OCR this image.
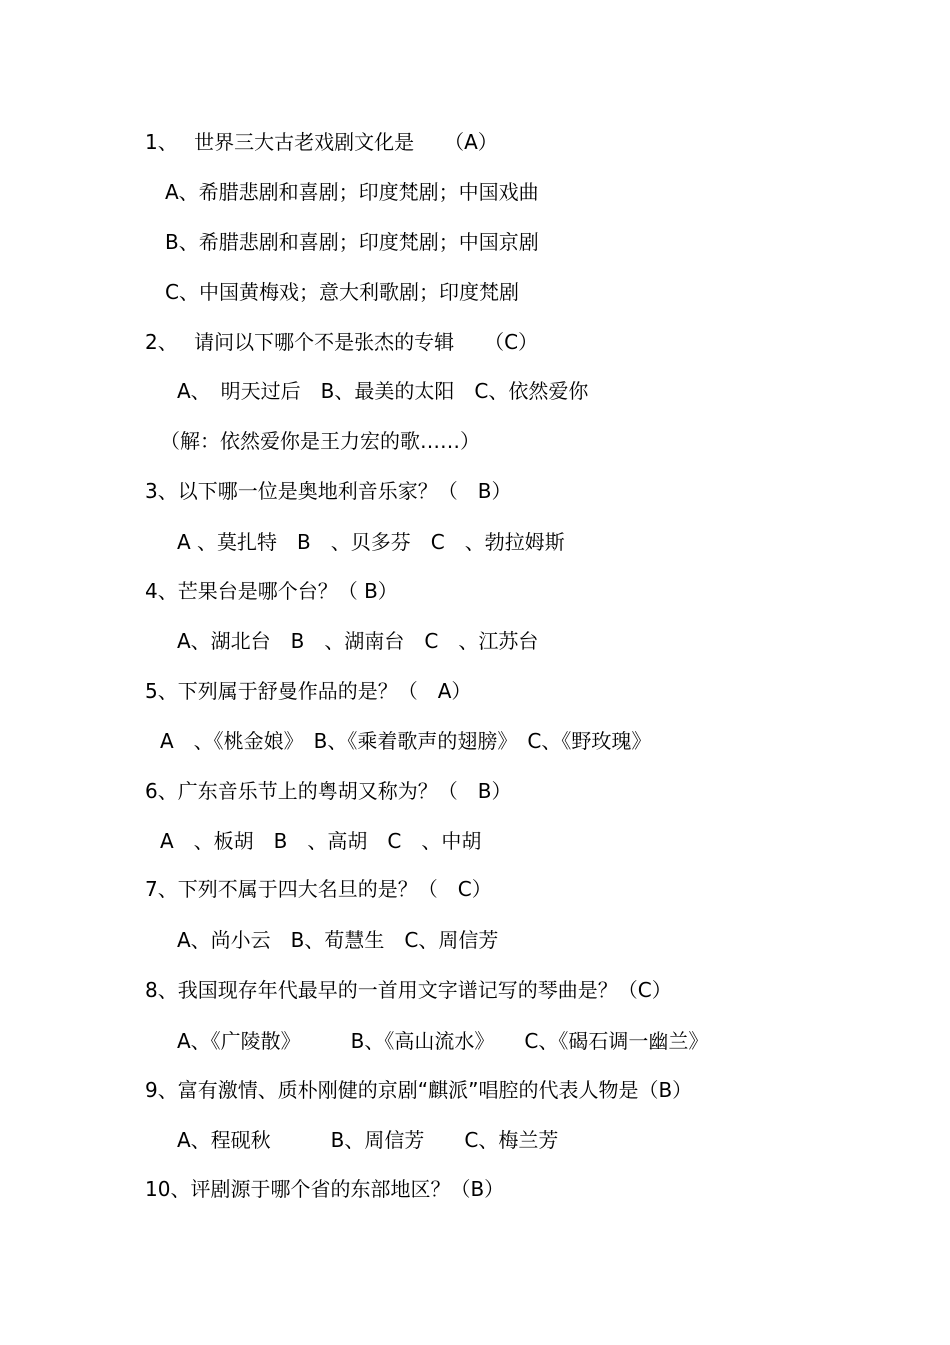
1、　 世界三大古老戏剧文化是　　（A）
A、希腊悲剧和喜剧；印度梵剧；中国戏曲
B、希腊悲剧和喜剧；印度梵剧；中国京剧
C、中国黄梅戏；意大利歌剧；印度梵剧
2、　 请问以下哪个不是张杰的专辑　　（C）
A、　明天过后　B、最美的太阳　C、依然爱你
（解：依然爱你是王力宏的歌……）
3、以下哪一位是奥地利音乐家？（　B）
A 、莫扎特　B　、贝多芬　C　、勃拉姆斯
4、芒果台是哪个台？（ B）
A、湖北台　B　、湖南台　C　、江苏台
5、下列属于舒曼作品的是？（　A）
A　、《桃金娘》　B、《乘着歌声的翅膀》　C、《野玫瑰》
6、广东音乐节上的粤胡又称为？（　B）
A　、板胡　B　、高胡　C　、中胡
7、下列不属于四大名旦的是？（　C）
A、尚小云　B、荀慧生　C、周信芳
8、我国现存年代最早的一首用文字谱记写的琴曲是？（C）
A、《广陵散》　　　B、《高山流水》　　C、《碣石调一幽兰》
9、富有激情、质朴刚健的京剧“麒派”唱腔的代表人物是（B）
A、程砚秋　　　B、周信芳　　C、梅兰芳
10、评剧源于哪个省的东部地区？（B）
